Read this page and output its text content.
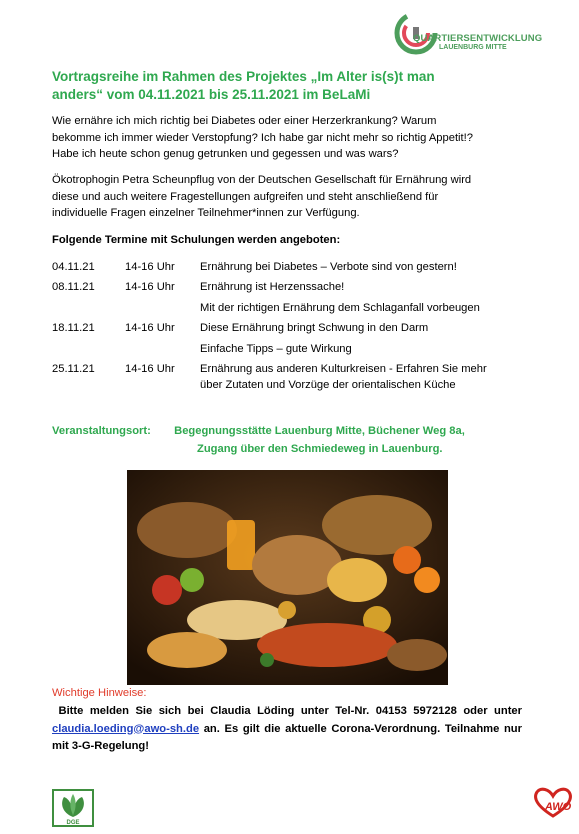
QUARTIERSENTWICKLUNG
LAUENBURG MITTE
Vortragsreihe im Rahmen des Projektes „Im Alter is(s)t man
anders“ vom 04.11.2021 bis 25.11.2021 im BeLaMi
Wie ernähre ich mich richtig bei Diabetes oder einer Herzerkrankung? Warum
bekomme ich immer wieder Verstopfung? Ich habe gar nicht mehr so richtig Appetit!?
Habe ich heute schon genug getrunken und gegessen und was wars?
Ökotrophogin Petra Scheunpflug von der Deutschen Gesellschaft für Ernährung wird
diese und auch weitere Fragestellungen aufgreifen und steht anschließend für
individuelle Fragen einzelner Teilnehmer*innen zur Verfügung.
Folgende Termine mit Schulungen werden angeboten:
04.11.21	14-16 Uhr	Ernährung bei Diabetes – Verbote sind von gestern!
08.11.21	14-16 Uhr	Ernährung ist Herzenssache!
Mit der richtigen Ernährung dem Schlaganfall vorbeugen
18.11.21	14-16 Uhr	Diese Ernährung bringt Schwung in den Darm
Einfache Tipps – gute Wirkung
25.11.21	14-16 Uhr	Ernährung aus anderen Kulturkreisen - Erfahren Sie mehr
über Zutaten und Vorzüge der orientalischen Küche
Veranstaltungsort: Begegnungsstätte Lauenburg Mitte, Büchener Weg 8a,
Zugang über den Schmiedeweg in Lauenburg.
Wichtige Hinweise:
Bitte melden Sie sich bei Claudia Löding unter Tel-Nr. 04153 5972128 oder unter claudia.loeding@awo-sh.de an. Es gilt die aktuelle Corona-Verordnung. Teilnahme nur mit 3-G-Regelung!
DGE
AWO
